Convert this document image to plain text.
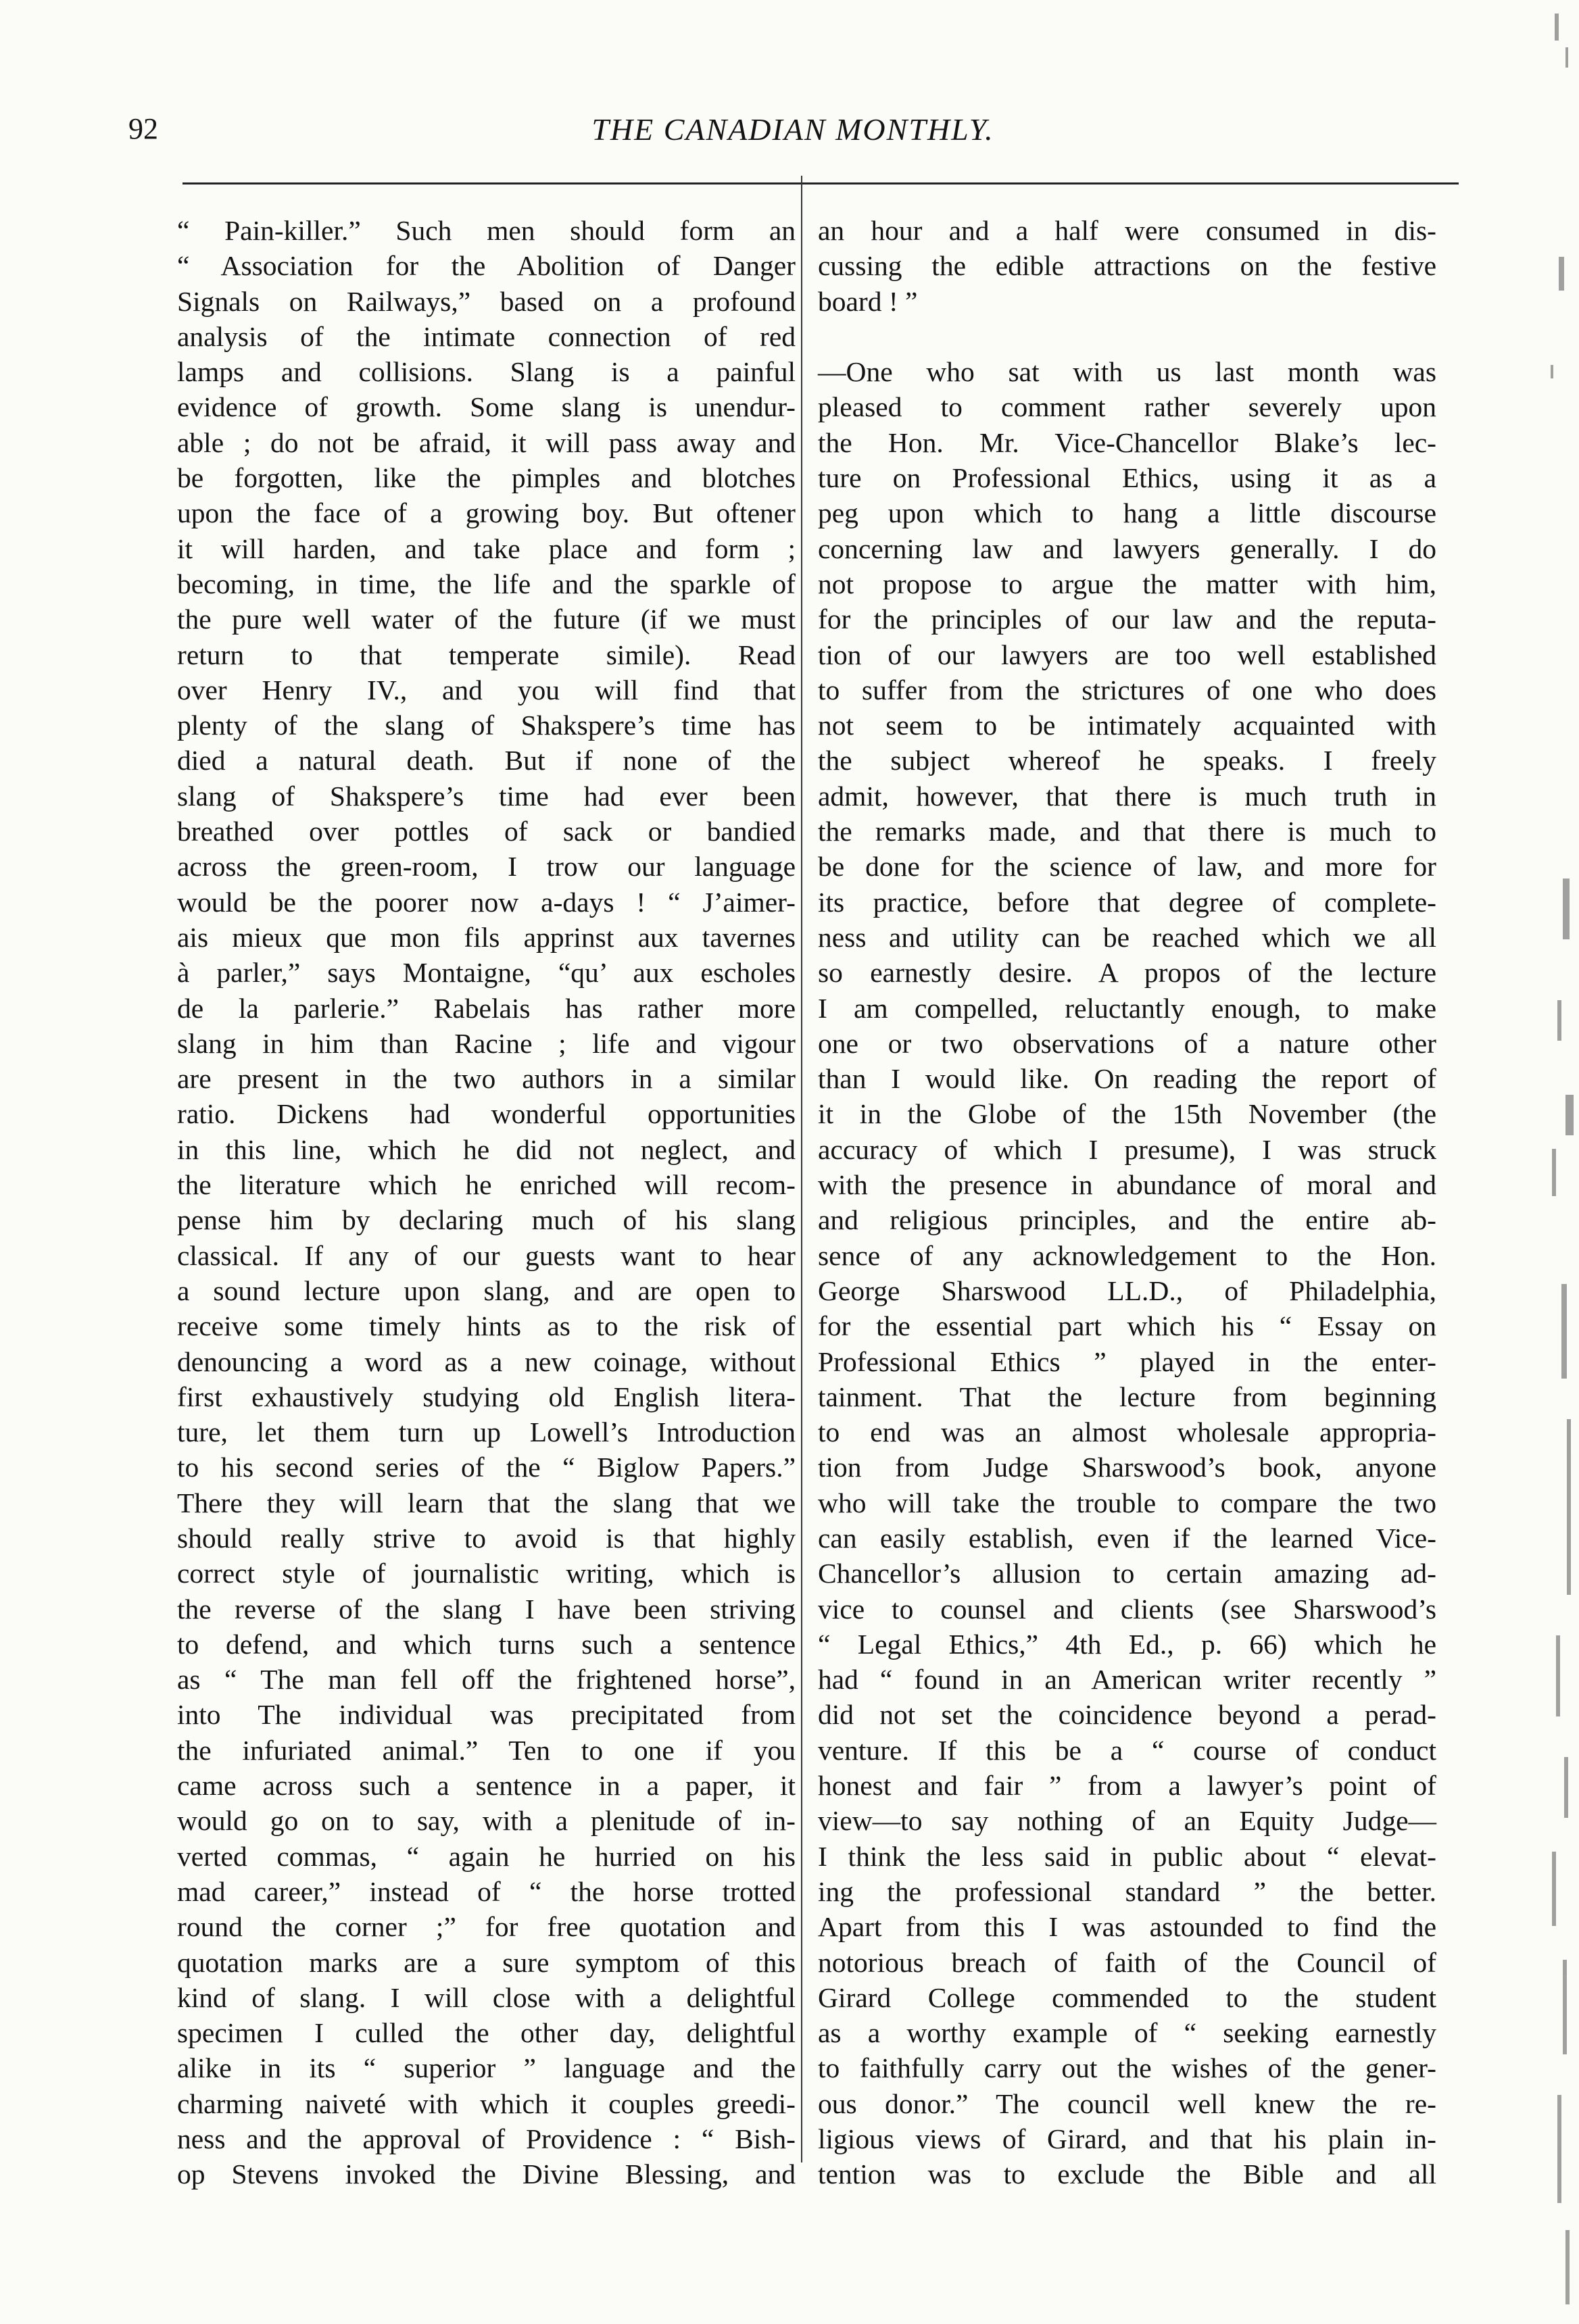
92	THE CANADIAN MONTHLY.
“ Pain-killer.” Such men should form an
“ Association for the Abolition of Danger
Signals on Railways,” based on a profound
analysis of the intimate connection of red
lamps and collisions. Slang is a painful
evidence of growth. Some slang is unendur-
able ; do not be afraid, it will pass away and
be forgotten, like the pimples and blotches
upon the face of a growing boy. But oftener
it will harden, and take place and form ;
becoming, in time, the life and the sparkle of
the pure well water of the future (if we must
return to that temperate simile). Read
over Henry IV., and you will find that
plenty of the slang of Shakspere’s time has
died a natural death. But if none of the
slang of Shakspere’s time had ever been
breathed over pottles of sack or bandied
across the green-room, I trow our language
would be the poorer now a-days ! “ J’aimer-
ais mieux que mon fils apprinst aux tavernes
à parler,” says Montaigne, “qu’ aux escholes
de la parlerie.” Rabelais has rather more
slang in him than Racine ; life and vigour
are present in the two authors in a similar
ratio. Dickens had wonderful opportunities
in this line, which he did not neglect, and
the literature which he enriched will recom-
pense him by declaring much of his slang
classical. If any of our guests want to hear
a sound lecture upon slang, and are open to
receive some timely hints as to the risk of
denouncing a word as a new coinage, without
first exhaustively studying old English litera-
ture, let them turn up Lowell’s Introduction
to his second series of the “ Biglow Papers.”
There they will learn that the slang that we
should really strive to avoid is that highly
correct style of journalistic writing, which is
the reverse of the slang I have been striving
to defend, and which turns such a sentence
as “ The man fell off the frightened horse”,
into The individual was precipitated from
the infuriated animal.” Ten to one if you
came across such a sentence in a paper, it
would go on to say, with a plenitude of in-
verted commas, “ again he hurried on his
mad career,” instead of “ the horse trotted
round the corner ;” for free quotation and
quotation marks are a sure symptom of this
kind of slang. I will close with a delightful
specimen I culled the other day, delightful
alike in its “ superior ” language and the
charming naiveté with which it couples greedi-
ness and the approval of Providence : “ Bish-
op Stevens invoked the Divine Blessing, and
an hour and a half were consumed in dis-
cussing the edible attractions on the festive
board ! ”
—One who sat with us last month was
pleased to comment rather severely upon
the Hon. Mr. Vice-Chancellor Blake’s lec-
ture on Professional Ethics, using it as a
peg upon which to hang a little discourse
concerning law and lawyers generally. I do
not propose to argue the matter with him,
for the principles of our law and the reputa-
tion of our lawyers are too well established
to suffer from the strictures of one who does
not seem to be intimately acquainted with
the subject whereof he speaks. I freely
admit, however, that there is much truth in
the remarks made, and that there is much to
be done for the science of law, and more for
its practice, before that degree of complete-
ness and utility can be reached which we all
so earnestly desire. A propos of the lecture
I am compelled, reluctantly enough, to make
one or two observations of a nature other
than I would like. On reading the report of
it in the Globe of the 15th November (the
accuracy of which I presume), I was struck
with the presence in abundance of moral and
and religious principles, and the entire ab-
sence of any acknowledgement to the Hon.
George Sharswood LL.D., of Philadelphia,
for the essential part which his “ Essay on
Professional Ethics ” played in the enter-
tainment. That the lecture from beginning
to end was an almost wholesale appropria-
tion from Judge Sharswood’s book, anyone
who will take the trouble to compare the two
can easily establish, even if the learned Vice-
Chancellor’s allusion to certain amazing ad-
vice to counsel and clients (see Sharswood’s
“ Legal Ethics,” 4th Ed., p. 66) which he
had “ found in an American writer recently ”
did not set the coincidence beyond a perad-
venture. If this be a “ course of conduct
honest and fair ” from a lawyer’s point of
view—to say nothing of an Equity Judge—
I think the less said in public about “ elevat-
ing the professional standard ” the better.
Apart from this I was astounded to find the
notorious breach of faith of the Council of
Girard College commended to the student
as a worthy example of “ seeking earnestly
to faithfully carry out the wishes of the gener-
ous donor.” The council well knew the re-
ligious views of Girard, and that his plain in-
tention was to exclude the Bible and all
